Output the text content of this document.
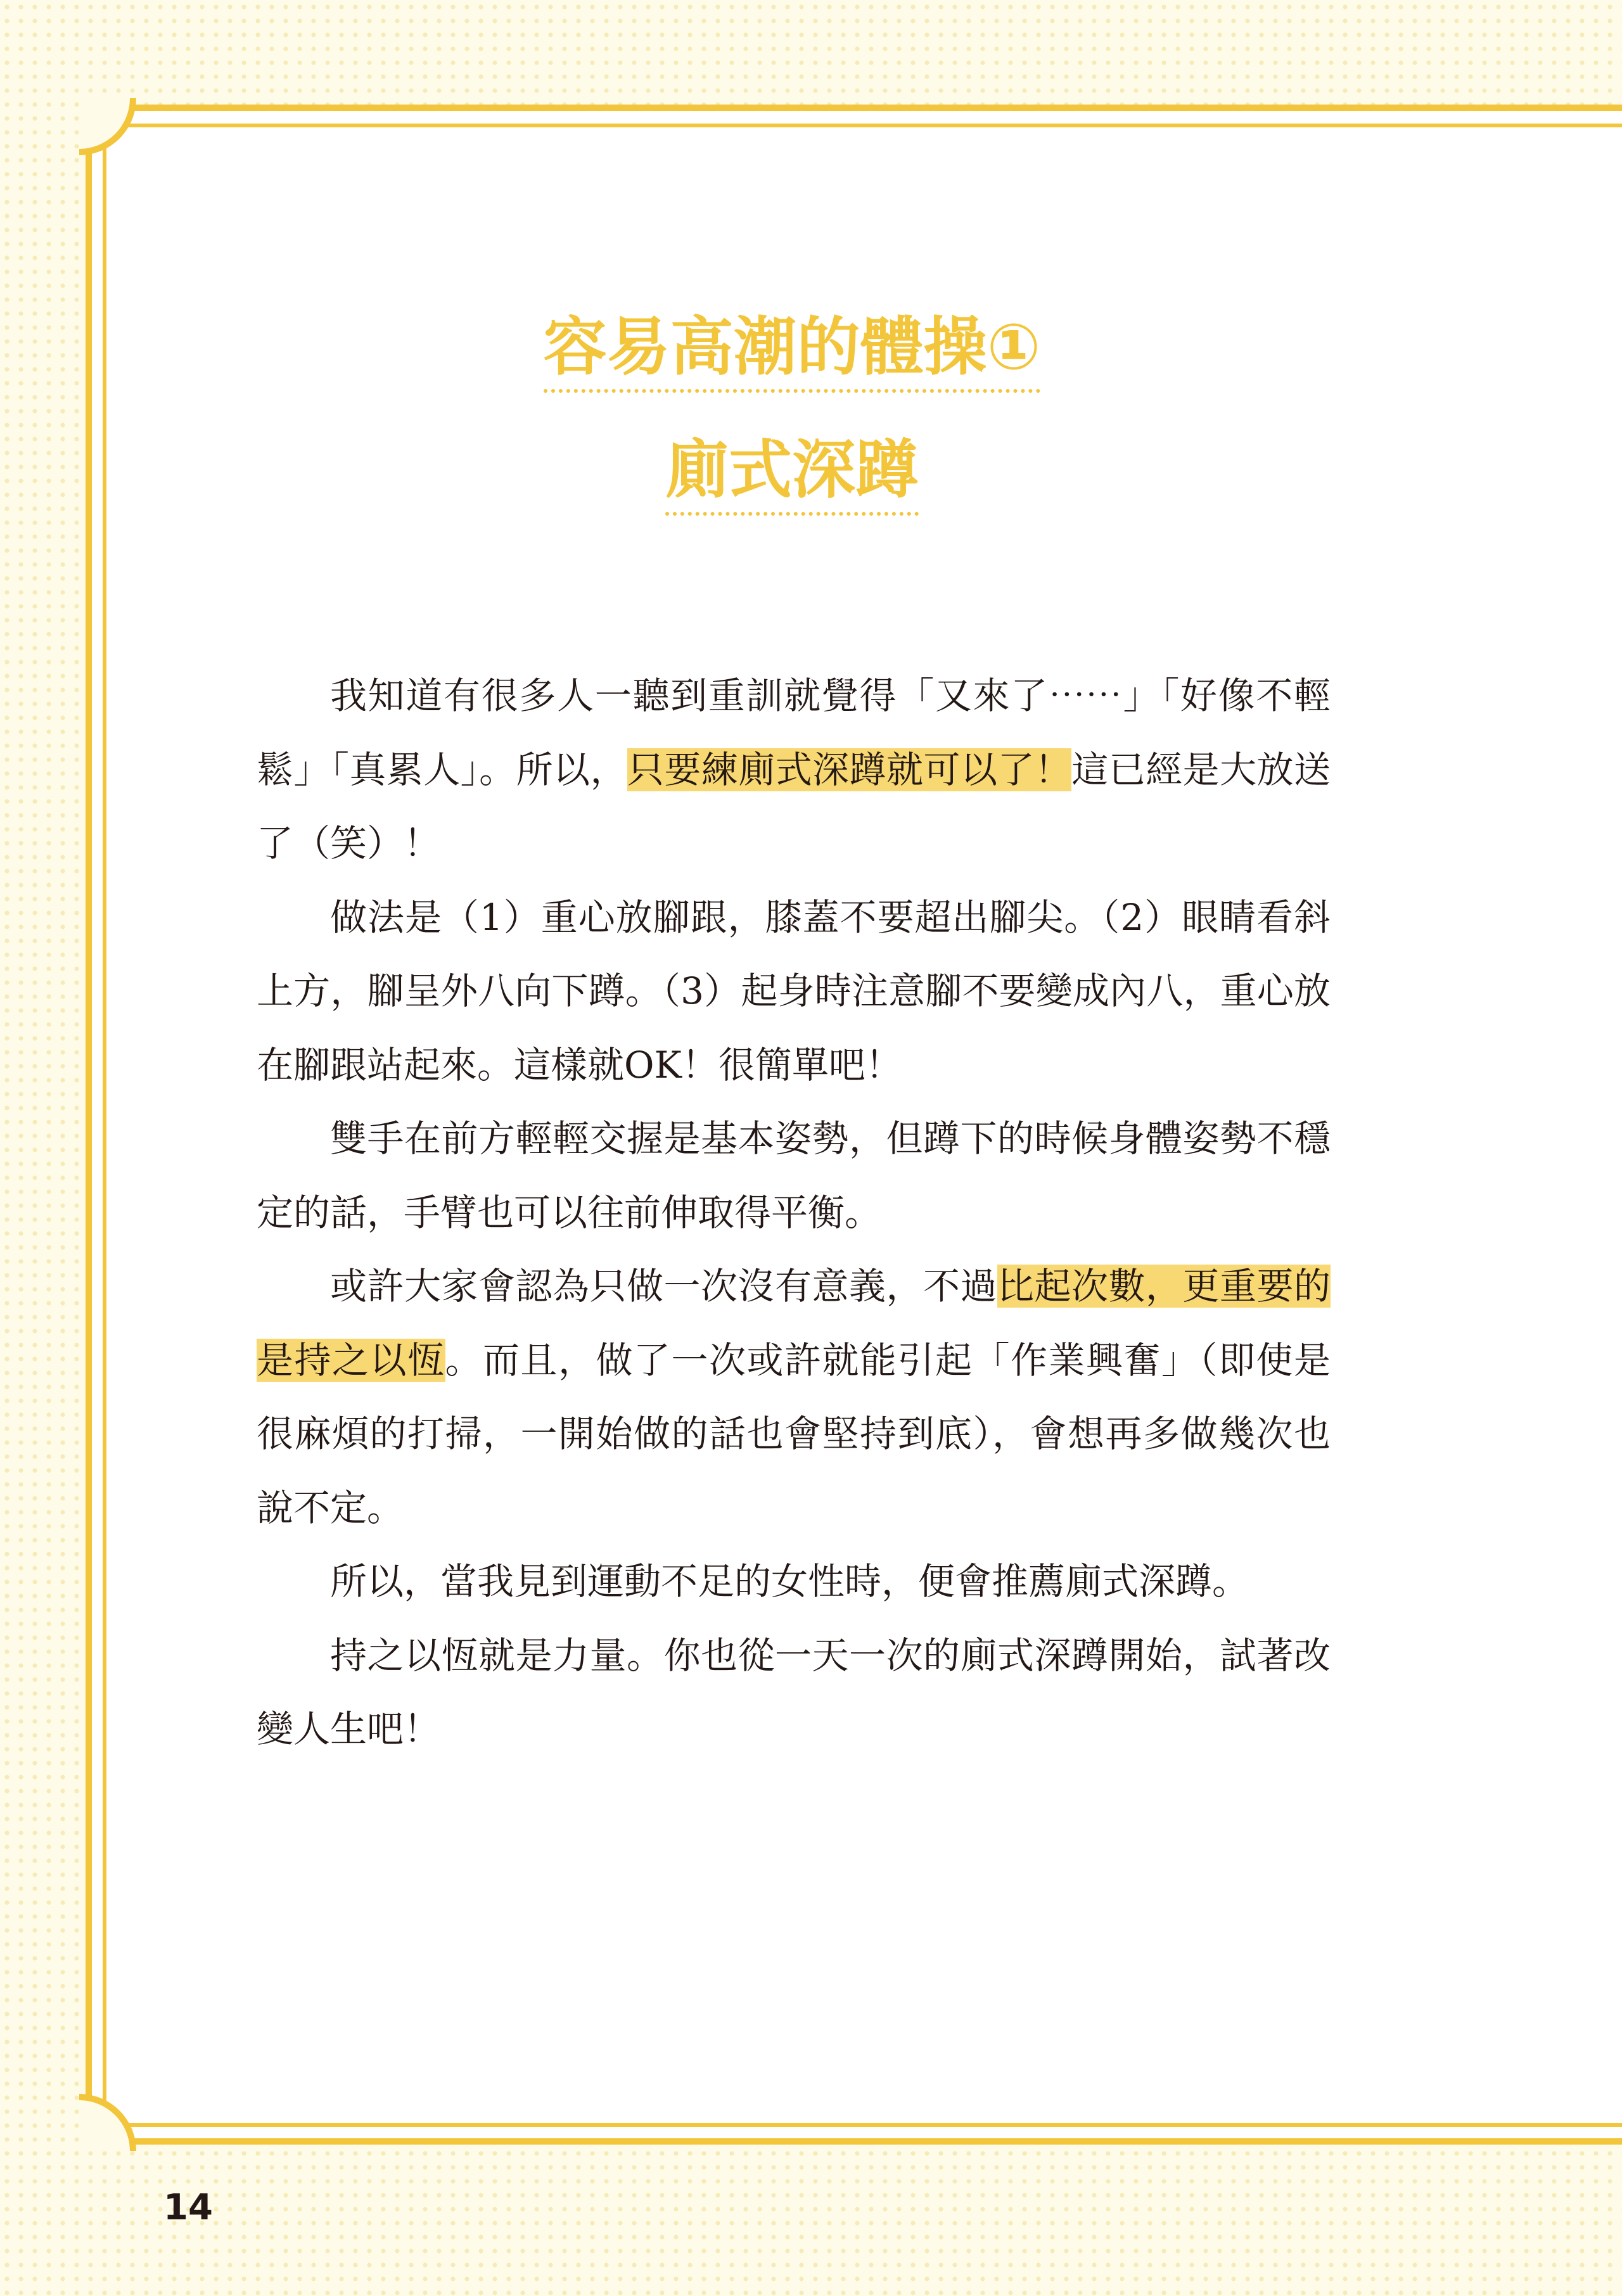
容易高潮的體操①
廁式深蹲

我知道有很多人一聽到重訓就覺得「又來了⋯⋯」「好像不輕鬆」「真累人」。所以，只要練廁式深蹲就可以了！這已經是大放送了（笑）！

做法是（1）重心放腳跟，膝蓋不要超出腳尖。（2）眼睛看斜上方，腳呈外八向下蹲。（3）起身時注意腳不要變成內八，重心放在腳跟站起來。這樣就OK！很簡單吧！

雙手在前方輕輕交握是基本姿勢，但蹲下的時候身體姿勢不穩定的話，手臂也可以往前伸取得平衡。

或許大家會認為只做一次沒有意義，不過比起次數，更重要的是持之以恆。而且，做了一次或許就能引起「作業興奮」（即使是很麻煩的打掃，一開始做的話也會堅持到底），會想再多做幾次也說不定。

所以，當我見到運動不足的女性時，便會推薦廁式深蹲。

持之以恆就是力量。你也從一天一次的廁式深蹲開始，試著改變人生吧！

14
